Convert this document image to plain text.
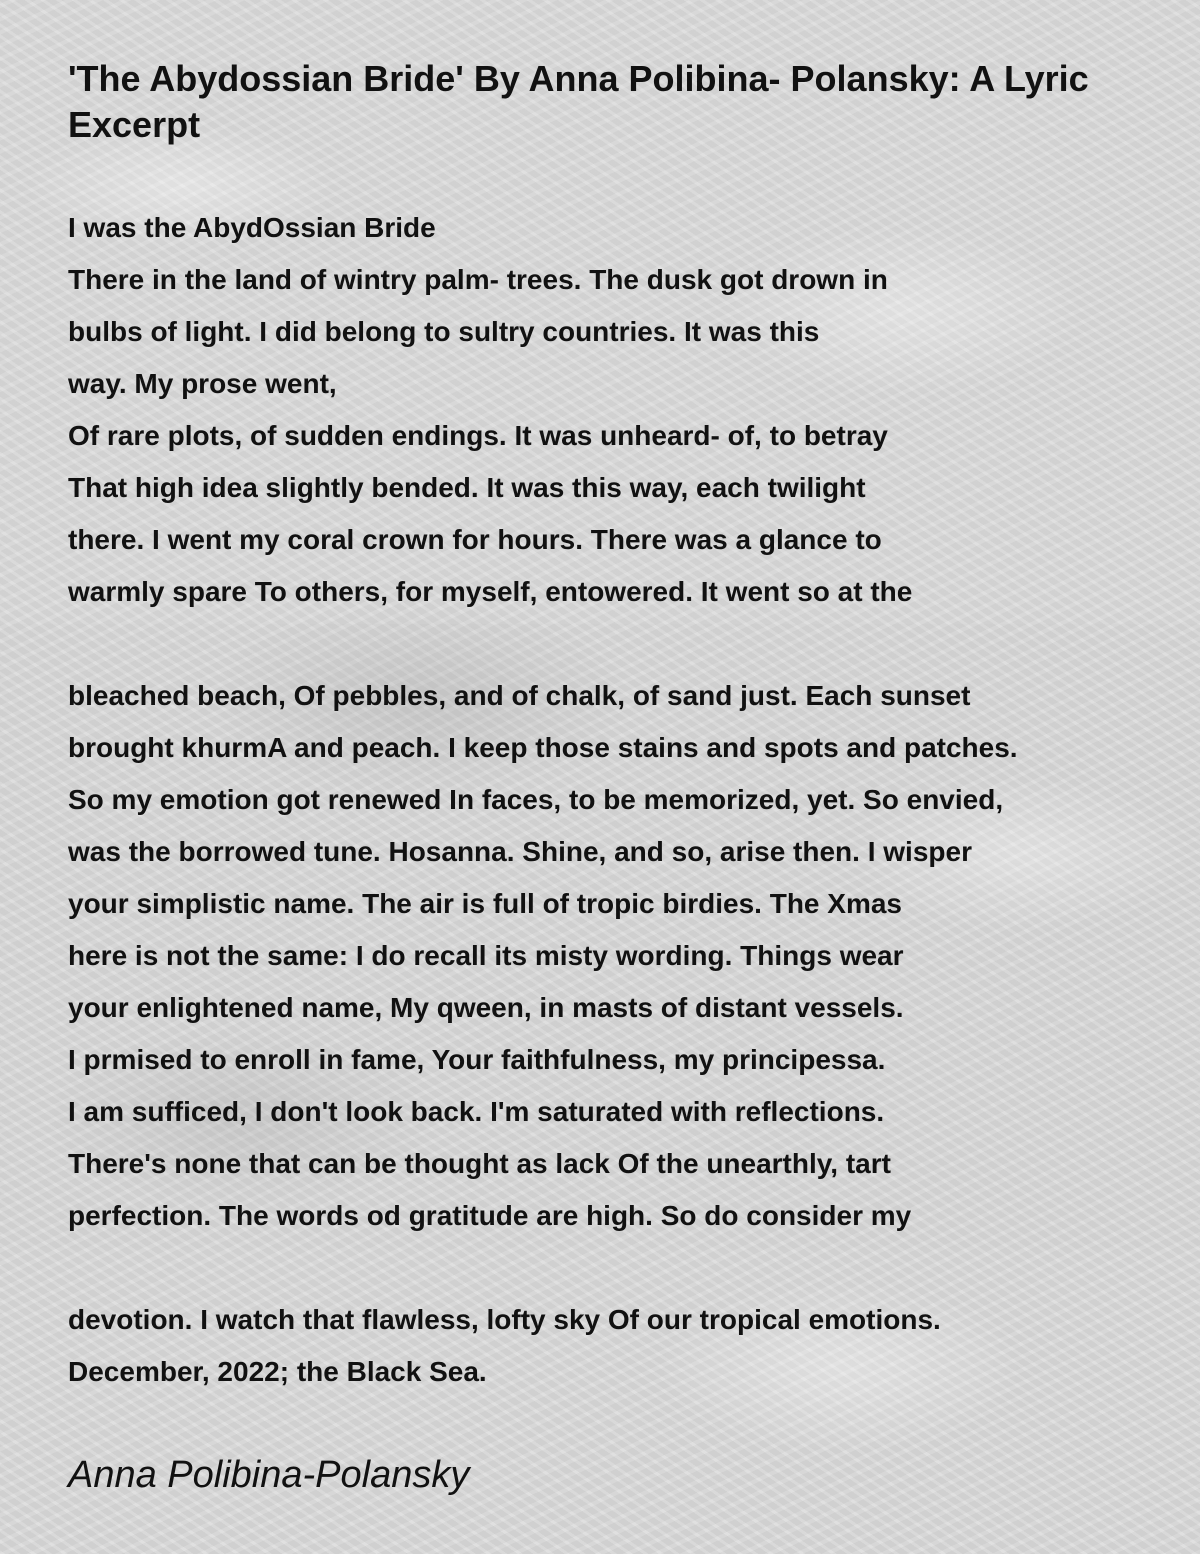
'The Abydossian Bride' By Anna Polibina- Polansky: A Lyric Excerpt
I was the AbydOssian Bride
There in the land of wintry palm- trees. The dusk got drown in
bulbs of light. I did belong to sultry countries. It was this
way. My prose went,
Of rare plots, of sudden endings. It was unheard- of, to betray
That high idea slightly bended. It was this way, each twilight
there. I went my coral crown for hours. There was a glance to
warmly spare To others, for myself, entowered. It went so at the
bleached beach, Of pebbles, and of chalk, of sand just. Each sunset
brought khurmA and peach. I keep those stains and spots and patches.
So my emotion got renewed In faces, to be memorized, yet. So envied,
was the borrowed tune. Hosanna. Shine, and so, arise then. I wisper
your simplistic name. The air is full of tropic birdies. The Xmas
here is not the same: I do recall its misty wording. Things wear
your enlightened name, My qween, in masts of distant vessels.
I prmised to enroll in fame, Your faithfulness, my principessa.
I am sufficed, I don't look back. I'm saturated with reflections.
There's none that can be thought as lack Of the unearthly, tart
perfection. The words od gratitude are high. So do consider my
devotion. I watch that flawless, lofty sky Of our tropical emotions.
December, 2022; the Black Sea.
Anna Polibina-Polansky
